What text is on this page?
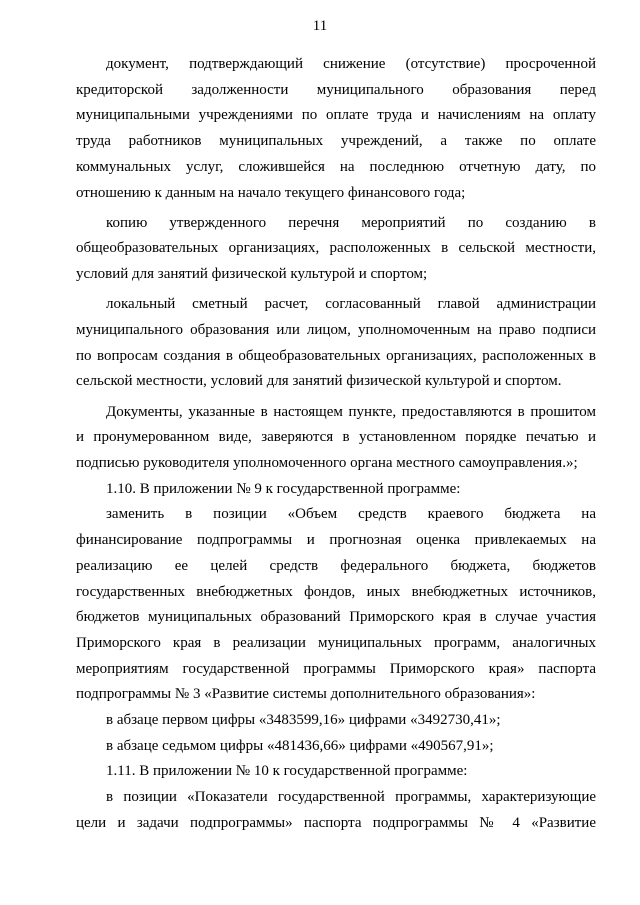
11

документ, подтверждающий снижение (отсутствие) просроченной

кредиторской задолженности муниципального образования перед

муниципальными учреждениями по оплате труда и начислениям на оплату

труда работников муниципальных учреждений, а также по оплате

коммунальных услуг, сложившейся на последнюю отчетную дату, по

отношению к данным на начало текущего финансового года;

копию утвержденного перечня мероприятий по созданию в

общеобразовательных организациях, расположенных в сельской местности,

условий для занятий физической культурой и спортом;

локальный сметный расчет, согласованный главой администрации

муниципального образования или лицом, уполномоченным на право подписи

по вопросам создания в общеобразовательных организациях, расположенных в

сельской местности, условий для занятий физической культурой и спортом.

Документы, указанные в настоящем пункте, предоставляются в прошитом

и пронумерованном виде, заверяются в установленном порядке печатью и

подписью руководителя уполномоченного органа местного самоуправления.»;

1.10. В приложении № 9 к государственной программе:

заменить в позиции «Объем средств краевого бюджета на

финансирование подпрограммы и прогнозная оценка привлекаемых на

реализацию ее целей средств федерального бюджета, бюджетов

государственных внебюджетных фондов, иных внебюджетных источников,

бюджетов муниципальных образований Приморского края в случае участия

Приморского края в реализации муниципальных программ, аналогичных

мероприятиям государственной программы Приморского края» паспорта

подпрограммы № 3 «Развитие системы дополнительного образования»:

в абзаце первом цифры «3483599,16» цифрами «3492730,41»;

в абзаце седьмом цифры «481436,66» цифрами «490567,91»;

1.11. В приложении № 10 к государственной программе:

в позиции «Показатели государственной программы, характеризующие

цели и задачи подпрограммы» паспорта подпрограммы № 4 «Развитие
